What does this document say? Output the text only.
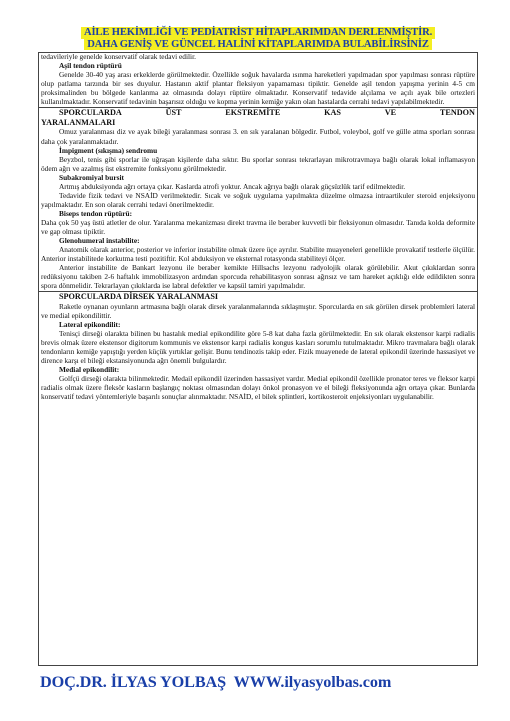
AİLE HEKİMLİĞİ VE PEDİATRİST HİTAPLARIMDAN DERLENMİŞTİR.
DAHA GENİŞ VE GÜNCEL HALİNİ KİTAPLARIMDA BULABİLİRSİNİZ

tedavileriyle genelde konservatif olarak tedavi edilir.

Aşil tendon rüptürü

Genelde 30-40 yaş arası erkeklerde görülmektedir. Özellikle soğuk havalarda ısınma hareketleri yapılmadan spor yapılması sonrası rüptüre olup patlama tarzında bir ses duyulur. Hastanın aktif plantar fleksiyon yapamaması tipiktir. Genelde aşil tendon yapışma yerinin 4-5 cm proksimalinden bu bölgede kanlanma az olmasında dolayı rüptüre olmaktadır. Konservatif tedavide alçılama ve açılı ayak bile ortezleri kullanılmaktadır. Konservatif tedavinin başarısız olduğu ve kopma yerinin kemiğe yakın olan hastalarda cerrahi tedavi yapılabilmektedir.

SPORCULARDA	ÜST	EKSTREMİTE	KAS	VE	TENDON
YARALANMALARI

Omuz yaralanması diz ve ayak bileği yaralanması sonrası 3. en sık yaralanan bölgedir. Futbol, voleybol, golf ve gülle atma sporları sonrası daha çok yaralanmaktadır.

İmpigment (sıkışma) sendromu

Beyzbol, tenis gibi sporlar ile uğraşan kişilerde daha sıktır. Bu sporlar sonrası tekrarlayan mikrotravmaya bağlı olarak lokal inflamasyon ödem ağrı ve azalmış üst ekstremite fonksiyonu görülmektedir.

Subakromiyal bursit

Artmış abduksiyonda ağrı ortaya çıkar. Kaslarda atrofi yoktur. Ancak ağrıya bağlı olarak güçsüzlük tarif edilmektedir.

Tedavide fizik tedavi ve NSAİD verilmektedir. Sıcak ve soğuk uygulama yapılmakta düzelme olmazsa intraartikuler steroid enjeksiyonu yapılmaktadır. En son olarak cerrahi tedavi önerilmektedir.

Biseps tendon rüptürü:

Daha çok 50 yaş üstü atletler de olur. Yaralanma mekanizması direkt travma ile beraber kuvvetli bir fleksiyonun olmasıdır. Tanıda kolda deformite ve gap olması tipiktir.

Glenohumeral instabilite:

Anatomik olarak anterior, posterior ve inferior instabilite olmak üzere üçe ayrılır. Stabilite muayeneleri genellikle provakatif testlerle ölçülür. Anterior instabilitede korkutma testi pozitiftir. Kol abduksiyon ve eksternal rotasyonda stabiliteyi ölçer.

Anterior instabilite de Bankart lezyonu ile beraber kemikte Hillsachs lezyonu radyolojik olarak görülebilir. Akut çıkıklardan sonra redüksiyonu takiben 2-6 haftalık immobilizasyon ardından sporcuda rehabilitasyon sonrası ağrısız ve tam hareket açıklığı elde edildikten sonra spora dönmelidir. Tekrarlayan çıkıklarda ise labral defektler ve kapsül tamiri yapılmalıdır.

SPORCULARDA DİRSEK YARALANMASI

Raketle oynanan oyunların artmasına bağlı olarak dirsek yaralanmalarında sıklaşmıştır. Sporcularda en sık görülen dirsek problemleri lateral ve medial epikondilittir.

Lateral epikondilit:

Tenisçi dirseği olarakta bilinen bu hastalık medial epikondilite göre 5-8 kat daha fazla görülmektedir. En sık olarak ekstensor karpi radialis brevis olmak üzere ekstensor digitorum kommunis ve ekstensor karpi radialis kongus kasları sorumlu tutulmaktadır. Mikro travmalara bağlı olarak tendonların kemiğe yapıştığı yerden küçük yırtıklar gelişir. Bunu tendinozis takip eder. Fizik muayenede de lateral epikondil üzerinde hassasiyet ve dirence karşı el bileği ekstansiyonunda ağrı önemli bulgulardır.

Medial epikondilit:

Golfçü dirseği olarakta bilinmektedir. Medail epikondil üzerinden hassasiyet vardır. Medial epikondil özellikle pronator teres ve fleksor karpi radialis olmak üzere fleksör kasların başlangıç noktası olmasından dolayı önkol pronasyon ve el bileği fleksiyonunda ağrı ortaya çıkar. Bunlarda konservatif tedavi yöntemleriyle başarılı sonuçlar alınmaktadır. NSAİD, el bilek splintleri, kortikosteroit enjeksiyonları uygulanabilir.

DOÇ.DR. İLYAS YOLBAŞ  WWW.ilyasyolbas.com
